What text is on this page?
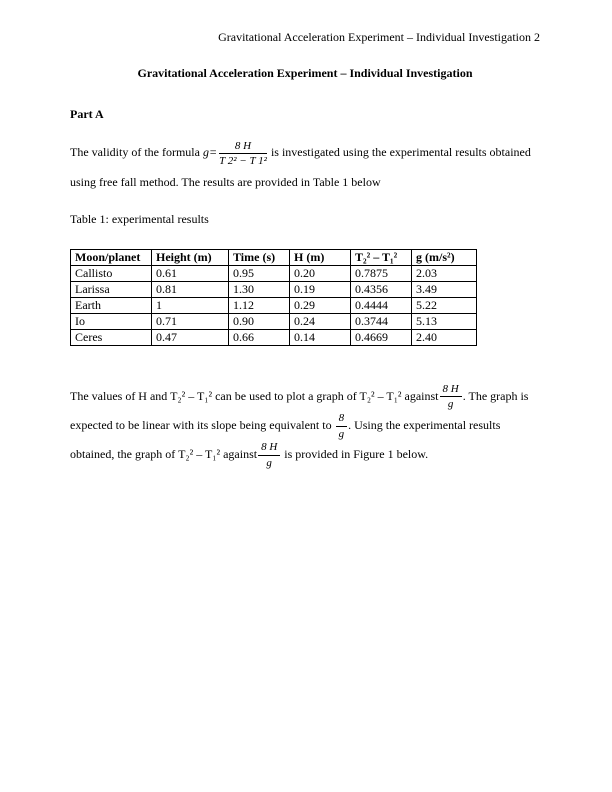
Gravitational Acceleration Experiment – Individual Investigation 2
Gravitational Acceleration Experiment – Individual Investigation
Part A

The validity of the formula $g= \frac{8 H}{\text{T 2² − T 1²}}$ is investigated using the experimental results obtained using free fall method. The results are provided in Table 1 below

Table 1: experimental results

Moon/planet	Height (m)	Time (s)	H (m)	T₂² – T₁²	g (m/s²)
Callisto	0.61	0.95	0.20	0.7875	2.03
Larissa	0.81	1.30	0.19	0.4356	3.49
Earth	1	1.12	0.29	0.4444	5.22
Io	0.71	0.90	0.24	0.3744	5.13
Ceres	0.47	0.66	0.14	0.4669	2.40

The values of H and T₂² – T₁² can be used to plot a graph of T₂² – T₁² against $\frac{8 H}{g}$ . The graph is expected to be linear with its slope being equivalent to $\frac{8}{g}$ . Using the experimental results obtained, the graph of T₂² – T₁² against $\frac{8 H}{g}$ is provided in Figure 1 below.
